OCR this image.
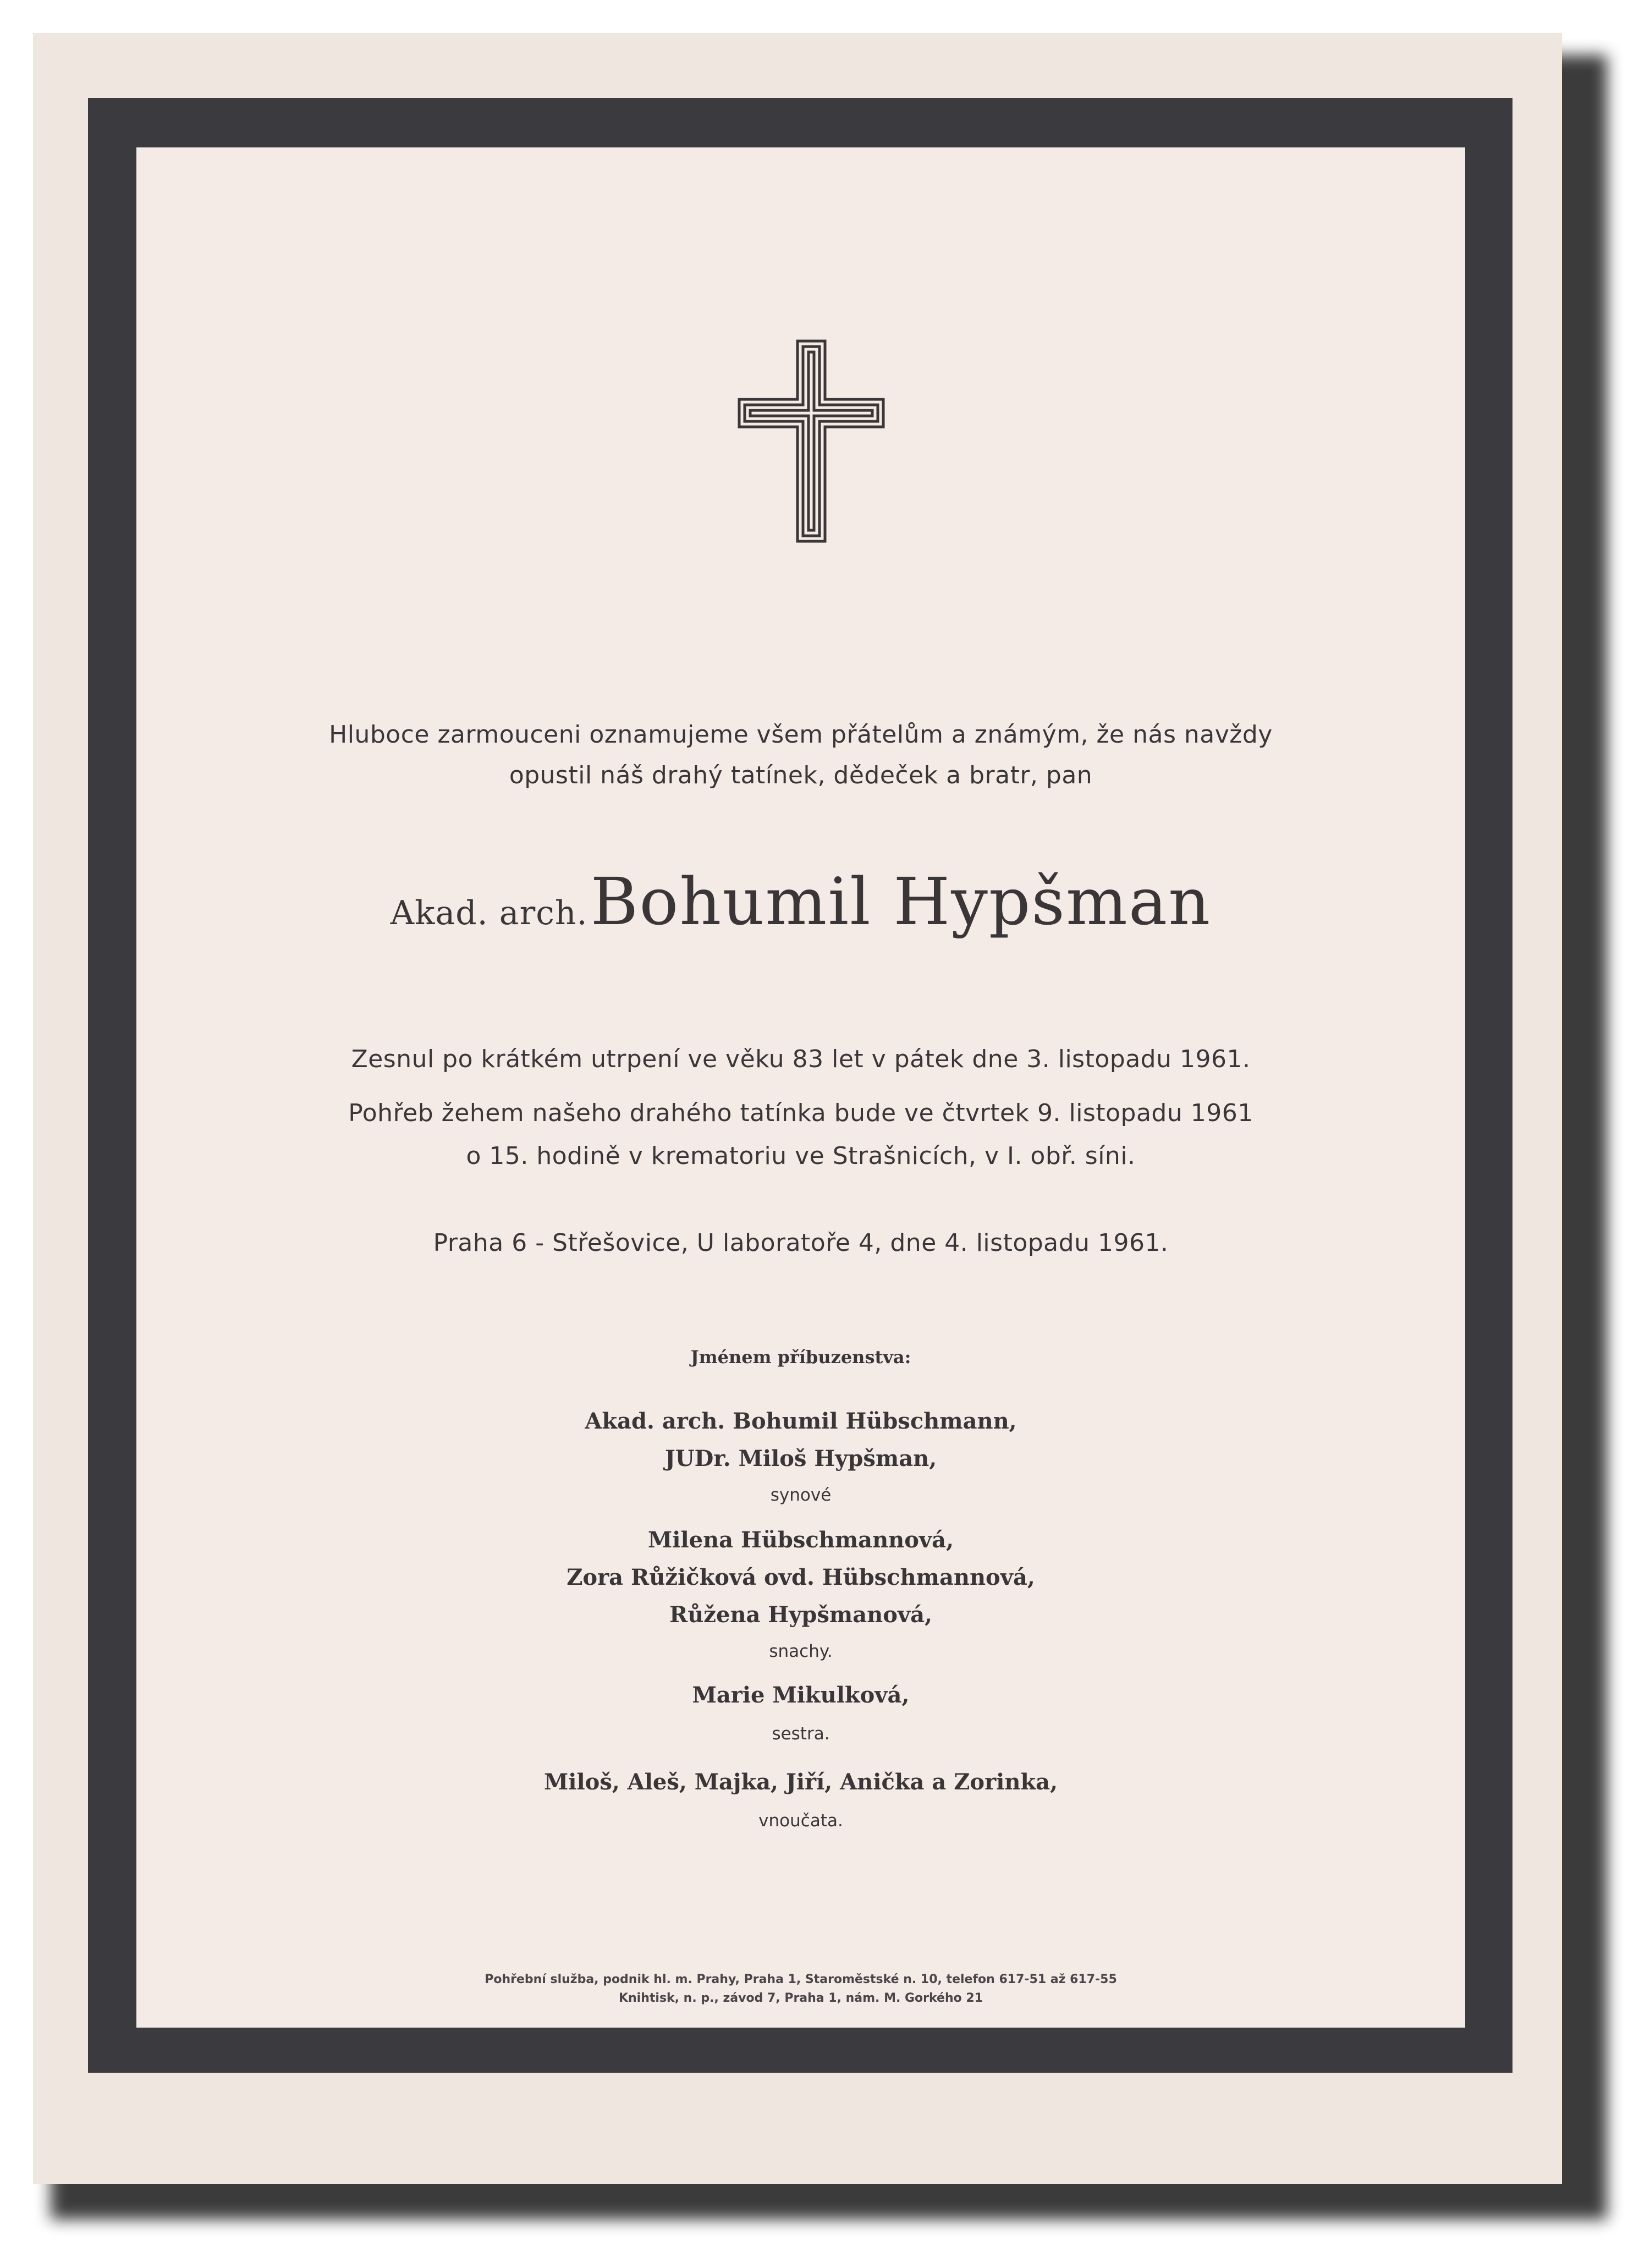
Hluboce zarmouceni oznamujeme všem přátelům a známým, že nás navždy
opustil náš drahý tatínek, dědeček a bratr, pan
Akad. arch. Bohumil Hypšman
Zesnul po krátkém utrpení ve věku 83 let v pátek dne 3. listopadu 1961.
Pohřeb žehem našeho drahého tatínka bude ve čtvrtek 9. listopadu 1961
o 15. hodině v krematoriu ve Strašnicích, v I. obř. síni.
Praha 6 - Střešovice, U laboratoře 4, dne 4. listopadu 1961.
Jménem příbuzenstva:
Akad. arch. Bohumil Hübschmann,
JUDr. Miloš Hypšman,
synové
Milena Hübschmannová,
Zora Růžičková ovd. Hübschmannová,
Růžena Hypšmanová,
snachy.
Marie Mikulková,
sestra.
Miloš, Aleš, Majka, Jiří, Anička a Zorinka,
vnoučata.
Pohřební služba, podnik hl. m. Prahy, Praha 1, Staroměstské n. 10, telefon 617-51 až 617-55
Knihtisk, n. p., závod 7, Praha 1, nám. M. Gorkého 21
